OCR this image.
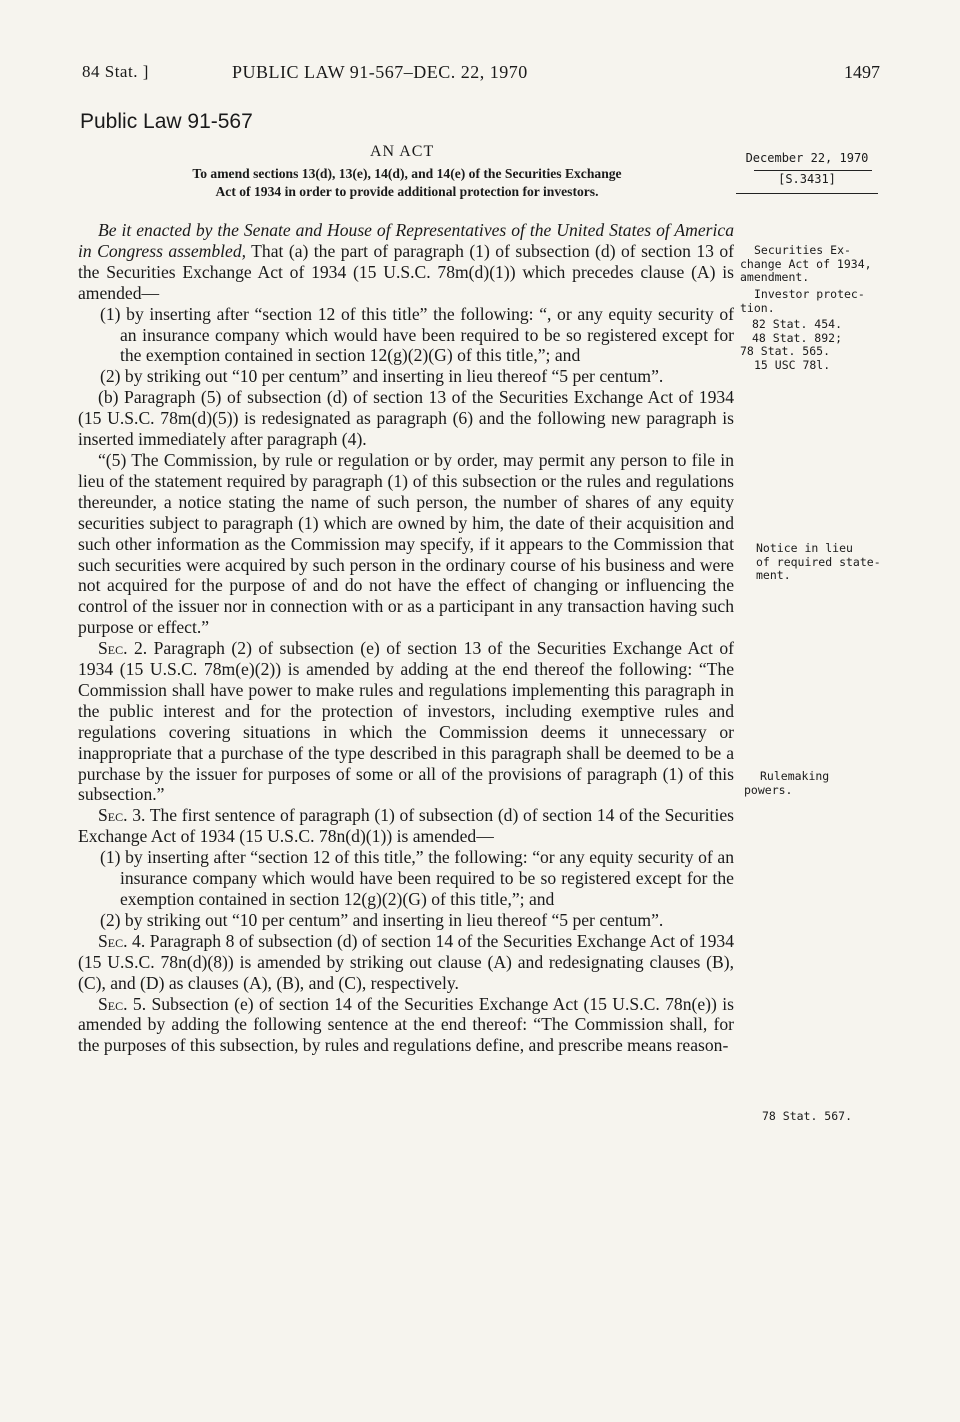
84 Stat. ]	PUBLIC LAW 91-567–DEC. 22, 1970	1497
Public Law 91-567
AN ACT
To amend sections 13(d), 13(e), 14(d), and 14(e) of the Securities Exchange
Act of 1934 in order to provide additional protection for investors.
December 22, 1970
[S.3431]

Be it enacted by the Senate and House of Representatives of the United States of America in Congress assembled, That (a) the part of paragraph (1) of subsection (d) of section 13 of the Securities Exchange Act of 1934 (15 U.S.C. 78m(d)(1)) which precedes clause (A) is amended—

(1) by inserting after “section 12 of this title” the following: “, or any equity security of an insurance company which would have been required to be so registered except for the exemption contained in section 12(g)(2)(G) of this title,”; and

(2) by striking out “10 per centum” and inserting in lieu thereof “5 per centum”.

(b) Paragraph (5) of subsection (d) of section 13 of the Securities Exchange Act of 1934 (15 U.S.C. 78m(d)(5)) is redesignated as paragraph (6) and the following new paragraph is inserted immediately after paragraph (4).

“(5) The Commission, by rule or regulation or by order, may permit any person to file in lieu of the statement required by paragraph (1) of this subsection or the rules and regulations thereunder, a notice stating the name of such person, the number of shares of any equity securities subject to paragraph (1) which are owned by him, the date of their acquisition and such other information as the Commission may specify, if it appears to the Commission that such securities were acquired by such person in the ordinary course of his business and were not acquired for the purpose of and do not have the effect of changing or influencing the control of the issuer nor in connection with or as a participant in any transaction having such purpose or effect.”

Sec. 2. Paragraph (2) of subsection (e) of section 13 of the Securities Exchange Act of 1934 (15 U.S.C. 78m(e)(2)) is amended by adding at the end thereof the following: “The Commission shall have power to make rules and regulations implementing this paragraph in the public interest and for the protection of investors, including exemptive rules and regulations covering situations in which the Commission deems it unnecessary or inappropriate that a purchase of the type described in this paragraph shall be deemed to be a purchase by the issuer for purposes of some or all of the provisions of paragraph (1) of this subsection.”

Sec. 3. The first sentence of paragraph (1) of subsection (d) of section 14 of the Securities Exchange Act of 1934 (15 U.S.C. 78n(d)(1)) is amended—

(1) by inserting after “section 12 of this title,” the following: “or any equity security of an insurance company which would have been required to be so registered except for the exemption contained in section 12(g)(2)(G) of this title,”; and

(2) by striking out “10 per centum” and inserting in lieu thereof “5 per centum”.

Sec. 4. Paragraph 8 of subsection (d) of section 14 of the Securities Exchange Act of 1934 (15 U.S.C. 78n(d)(8)) is amended by striking out clause (A) and redesignating clauses (B), (C), and (D) as clauses (A), (B), and (C), respectively.

Sec. 5. Subsection (e) of section 14 of the Securities Exchange Act (15 U.S.C. 78n(e)) is amended by adding the following sentence at the end thereof: “The Commission shall, for the purposes of this subsection, by rules and regulations define, and prescribe means reason-

Securities Ex-

change Act of 1934,

amendment.

Investor protec-

tion.

82 Stat. 454.

48 Stat. 892;

78 Stat. 565.

15 USC 78l.

Notice in lieu

of required state-

ment.

Rulemaking

powers.

78 Stat. 567.
